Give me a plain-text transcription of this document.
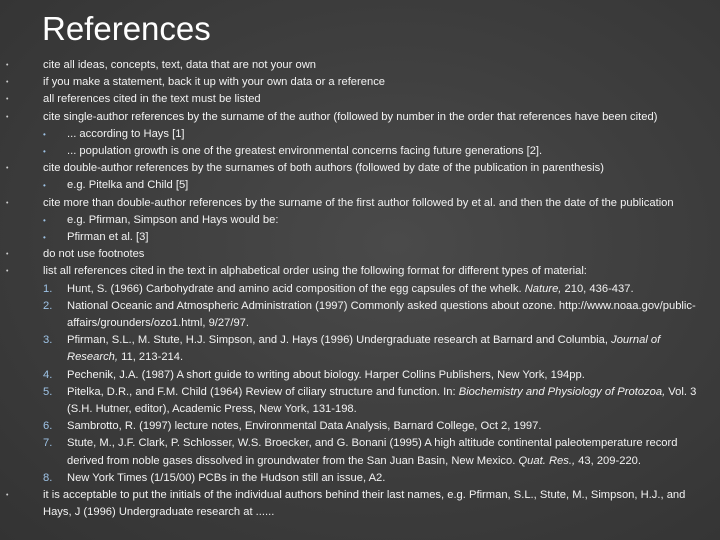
References
•	cite all ideas, concepts, text, data that are not your own
•	if you make a statement, back it up with your own data or a reference
•	all references cited in the text must be listed
•	cite single-author references by the surname of the author (followed by number in the order that references have been cited)
• ... according to Hays [1]
• ... population growth is one of the greatest environmental concerns facing future generations [2].
•	cite double-author references by the surnames of both authors (followed by date of the publication in parenthesis)
• e.g. Pitelka and Child [5]
•	cite more than double-author references by the surname of the first author followed by et al. and then the date of the publication
• e.g. Pfirman, Simpson and Hays would be:
• Pfirman et al. [3]
•	do not use footnotes
•	list all references cited in the text in alphabetical order using the following format for different types of material:
1. Hunt, S. (1966) Carbohydrate and amino acid composition of the egg capsules of the whelk. Nature, 210, 436-437.
2. National Oceanic and Atmospheric Administration (1997) Commonly asked questions about ozone. http://www.noaa.gov/public-affairs/grounders/ozo1.html, 9/27/97.
3. Pfirman, S.L., M. Stute, H.J. Simpson, and J. Hays (1996) Undergraduate research at Barnard and Columbia, Journal of Research, 11, 213-214.
4. Pechenik, J.A. (1987) A short guide to writing about biology. Harper Collins Publishers, New York, 194pp.
5. Pitelka, D.R., and F.M. Child (1964) Review of ciliary structure and function. In: Biochemistry and Physiology of Protozoa, Vol. 3 (S.H. Hutner, editor), Academic Press, New York, 131-198.
6. Sambrotto, R. (1997) lecture notes, Environmental Data Analysis, Barnard College, Oct 2, 1997.
7. Stute, M., J.F. Clark, P. Schlosser, W.S. Broecker, and G. Bonani (1995) A high altitude continental paleotemperature record derived from noble gases dissolved in groundwater from the San Juan Basin, New Mexico. Quat. Res., 43, 209-220.
8. New York Times (1/15/00) PCBs in the Hudson still an issue, A2.
•	it is acceptable to put the initials of the individual authors behind their last names, e.g. Pfirman, S.L., Stute, M., Simpson, H.J., and Hays, J (1996) Undergraduate research at ......
